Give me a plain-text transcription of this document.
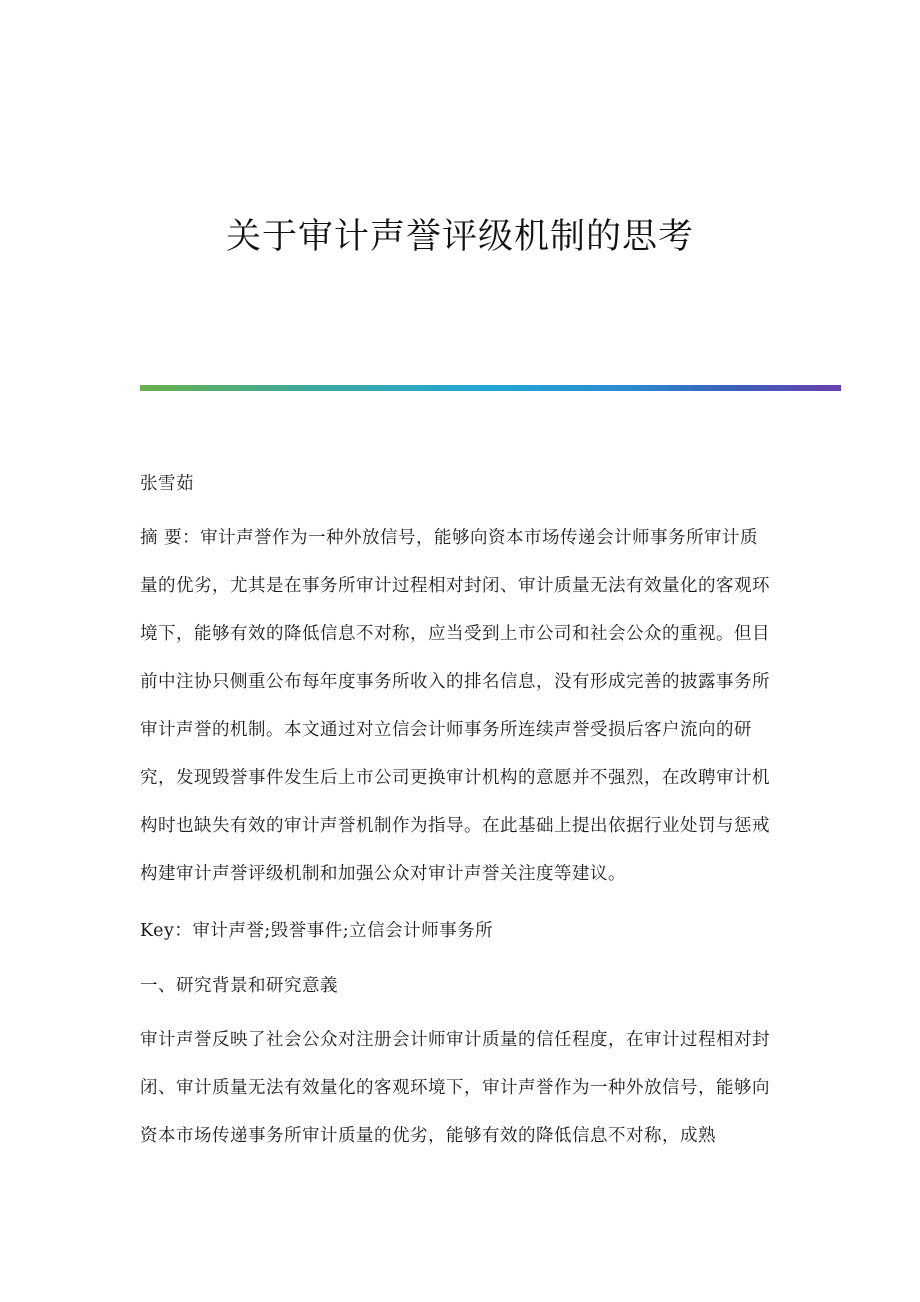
关于审计声誉评级机制的思考
张雪茹

摘 要：审计声誉作为一种外放信号，能够向资本市场传递会计师事务所审计质量的优劣，尤其是在事务所审计过程相对封闭、审计质量无法有效量化的客观环境下，能够有效的降低信息不对称，应当受到上市公司和社会公众的重视。但目前中注协只侧重公布每年度事务所收入的排名信息，没有形成完善的披露事务所审计声誉的机制。本文通过对立信会计师事务所连续声誉受损后客户流向的研究，发现毁誉事件发生后上市公司更换审计机构的意愿并不强烈，在改聘审计机构时也缺失有效的审计声誉机制作为指导。在此基础上提出依据行业处罚与惩戒构建审计声誉评级机制和加强公众对审计声誉关注度等建议。

Key：审计声誉;毁誉事件;立信会计师事务所
一、研究背景和研究意義

审计声誉反映了社会公众对注册会计师审计质量的信任程度，在审计过程相对封闭、审计质量无法有效量化的客观环境下，审计声誉作为一种外放信号，能够向资本市场传递事务所审计质量的优劣，能够有效的降低信息不对称，成熟
